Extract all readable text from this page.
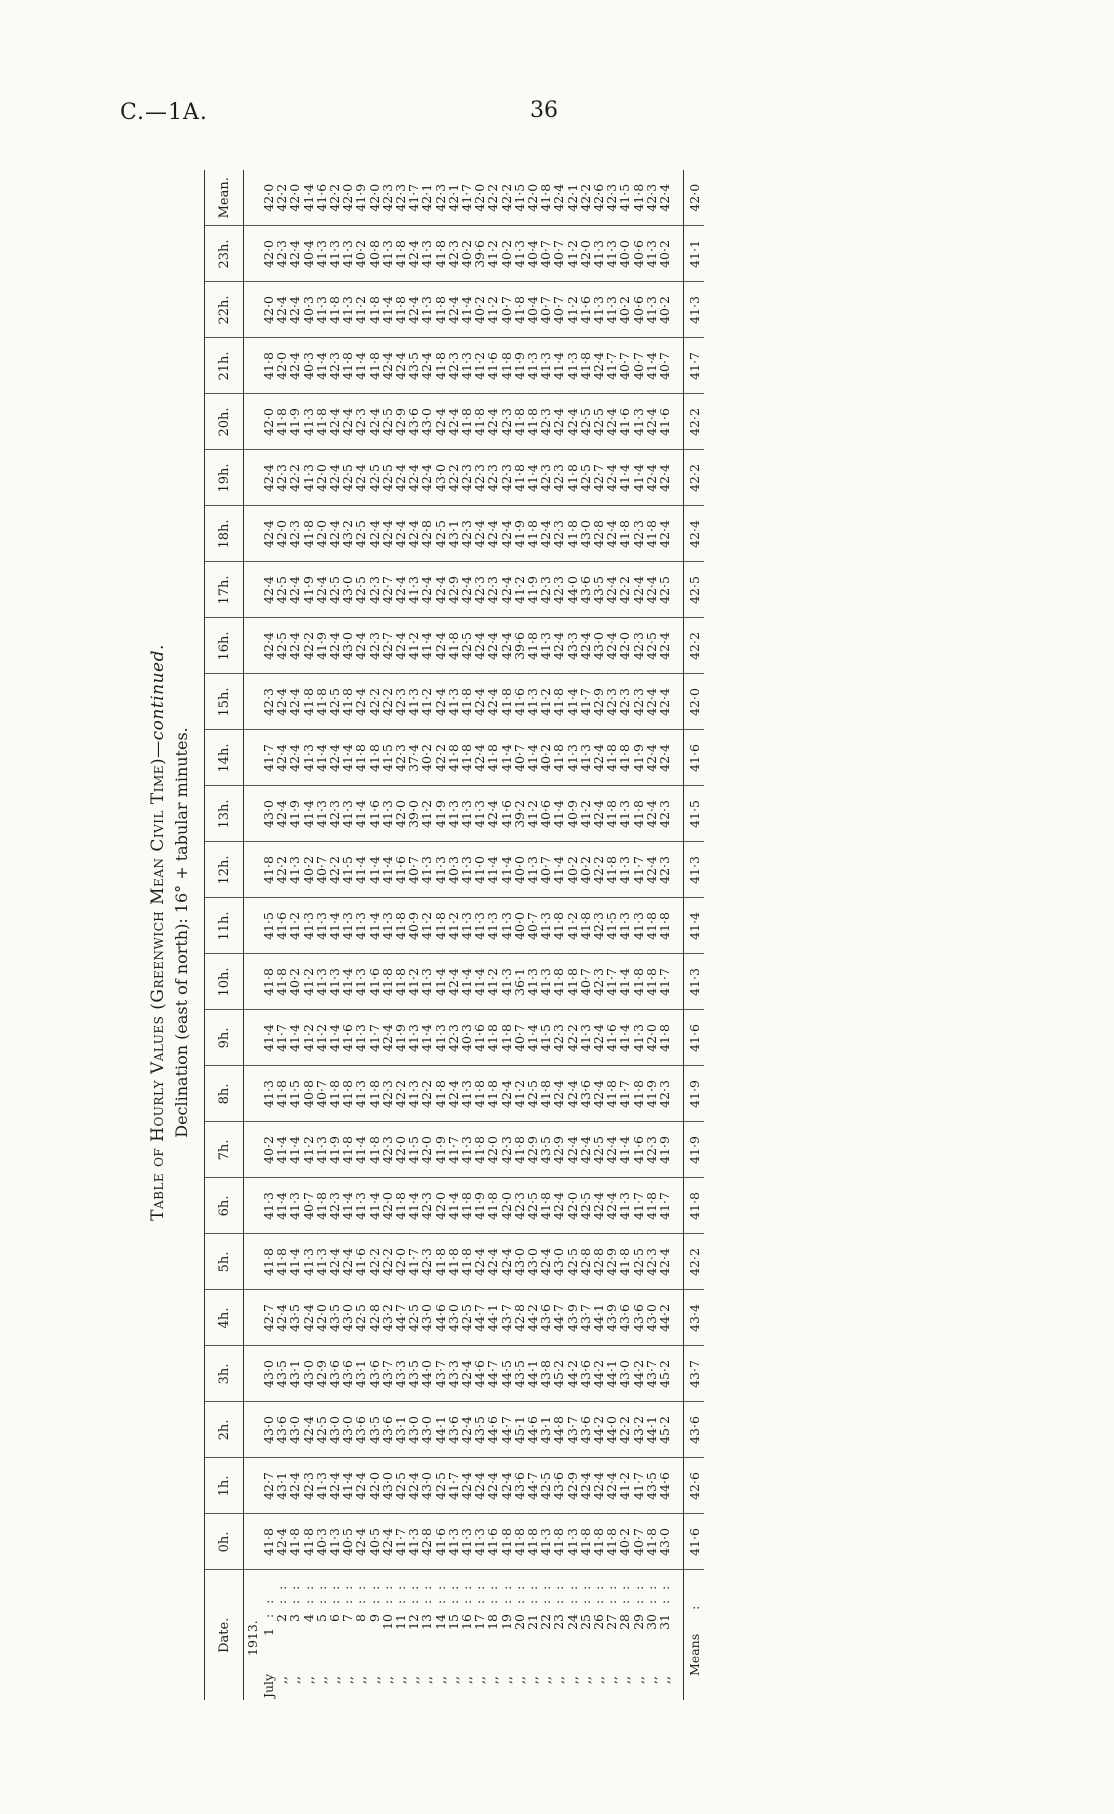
C.—1A.	36
Table of Hourly Values (Greenwich Mean Civil Time)—continued.
Declination (east of north): 16° + tabular minutes.
Date.	0h.	1h.	2h.	3h.	4h.	5h.	6h.	7h.	8h.	9h.	10h.	11h.	12h.	13h.	14h.	15h.	16h.	17h.	18h.	19h.	20h.	21h.	22h.	23h.	Mean.
1913.																									

July
1
: :	41·8	42·7	43·0	43·0	42·7	41·8	41·3	40·2	41·3	41·4	41·8	41·5	41·8	43·0	41·7	42·3	42·4	42·4	42·4	42·4	42·0	41·8	42·0	42·0	42·0

,,
2
: :	42·4	43·1	43·6	43·5	42·4	41·8	41·4	41·4	41·8	41·7	41·8	41·6	42·2	42·4	42·4	42·4	42·5	42·5	42·0	42·3	41·8	42·0	42·4	42·3	42·2

,,
3
: :	41·8	42·4	43·0	43·1	43·5	41·4	41·3	41·4	41·5	41·4	40·2	41·2	41·3	41·9	42·4	42·4	42·4	42·4	42·3	42·2	41·9	42·4	42·4	42·4	42·0

,,
4
: :	41·8	42·3	42·4	43·0	42·4	41·3	40·7	41·2	40·8	41·2	41·2	41·3	40·2	41·4	41·3	41·8	42·2	41·9	41·8	41·3	41·3	40·3	40·3	40·4	41·4

,,
5
: :	40·3	41·3	42·5	42·9	42·0	41·3	41·8	41·3	40·7	41·2	41·3	41·3	40·7	41·3	41·4	41·8	41·9	42·4	42·0	42·0	41·8	41·4	41·3	41·3	41·6

,,
6
: :	41·3	42·4	43·0	43·6	43·5	42·4	42·3	41·9	41·8	41·4	41·3	41·4	42·2	42·3	42·4	42·5	42·4	42·5	42·4	42·4	42·4	42·3	41·8	41·3	42·2

,,
7
: :	40·5	41·4	43·0	43·6	43·0	42·4	41·4	41·8	41·8	41·6	41·4	41·3	41·5	41·3	41·4	41·8	43·0	43·0	43·2	42·5	42·4	41·8	41·3	41·3	42·0

,,
8
: :	42·4	42·4	43·6	43·1	42·5	41·6	41·3	41·4	41·3	41·3	41·3	41·3	41·4	41·4	41·8	42·4	42·4	42·5	42·5	42·4	42·3	41·4	41·2	40·2	41·9

,,
9
: :	40·5	42·0	43·5	43·6	42·8	42·2	41·4	41·8	41·8	41·7	41·6	41·4	41·4	41·6	41·8	42·2	42·3	42·3	42·4	42·5	42·4	41·8	41·8	40·8	42·0

,,
10
: :	42·4	43·0	43·6	43·7	43·2	42·2	42·0	42·3	42·3	42·4	41·8	41·3	41·4	41·3	41·5	42·2	42·7	42·7	42·4	42·5	42·5	42·4	41·4	41·3	42·3

,,
11
: :	41·7	42·5	43·1	43·3	44·7	42·0	41·8	42·0	42·2	41·9	41·8	41·8	41·6	42·0	42·3	42·3	42·4	42·4	42·4	42·4	42·9	42·4	41·8	41·8	42·3

,,
12
: :	41·3	42·4	43·0	43·5	42·5	41·7	41·4	41·5	41·3	41·3	41·2	40·9	40·7	39·0	37·4	41·3	41·2	41·3	42·4	42·4	43·6	43·5	42·4	42·4	41·7

,,
13
: :	42·8	43·0	43·0	44·0	43·0	42·3	42·3	42·0	42·2	41·4	41·3	41·2	41·3	41·2	40·2	41·2	41·4	42·4	42·8	42·4	43·0	42·4	41·3	41·3	42·1

,,
14
: :	41·6	42·5	44·1	43·7	44·6	41·8	42·0	41·9	41·8	41·3	41·4	41·8	41·3	41·9	42·2	42·4	42·4	42·4	42·5	43·0	42·4	41·8	41·8	41·8	42·3

,,
15
: :	41·3	41·7	43·6	43·3	43·0	41·8	41·4	41·7	42·4	42·3	42·4	41·2	40·3	41·3	41·8	41·3	41·8	42·9	43·1	42·2	42·4	42·3	42·4	42·3	42·1

,,
16
: :	41·3	42·4	42·4	42·4	42·5	41·8	41·8	41·3	41·3	40·3	41·4	41·3	41·3	41·3	41·8	41·8	42·5	42·4	42·3	42·3	41·8	41·3	41·4	40·2	41·7

,,
17
: :	41·3	42·4	43·5	44·6	44·7	42·4	41·9	41·8	41·8	41·6	41·4	41·3	41·0	41·3	42·4	42·4	42·4	42·3	42·4	42·3	41·8	41·2	40·2	39·6	42·0

,,
18
: :	41·6	42·4	44·6	44·7	44·1	42·4	41·8	42·0	41·8	41·8	41·2	41·3	41·4	42·4	41·8	42·4	42·4	42·3	42·4	42·3	42·4	41·6	41·2	41·2	42·2

,,
19
: :	41·8	42·4	44·7	44·5	43·7	42·4	42·0	42·3	42·4	41·8	41·3	41·3	41·4	41·6	41·4	41·8	42·4	42·4	42·4	42·3	42·3	41·8	40·7	40·2	42·2

,,
20
: :	41·8	43·6	45·1	43·5	42·8	43·0	42·3	41·8	41·2	40·7	36·1	40·0	40·0	39·2	40·7	41·6	39·6	41·2	41·9	41·8	41·8	41·9	41·8	41·3	41·5

,,
21
: :	41·8	44·7	44·6	44·1	44·2	43·0	42·5	42·9	42·5	41·4	41·3	40·7	41·3	41·2	41·4	41·3	41·8	41·9	41·8	41·4	41·8	41·3	40·4	40·4	42·0

,,
22
: :	41·3	42·5	43·1	43·8	43·6	42·4	41·8	43·5	41·8	41·5	41·3	41·3	40·7	40·6	40·2	41·2	41·3	42·3	42·4	42·3	42·3	41·3	40·7	40·7	41·8

,,
23
: :	41·8	43·6	44·8	45·2	44·7	43·0	42·4	42·9	42·4	42·3	41·8	41·8	41·4	41·4	41·8	41·8	42·4	42·3	42·3	42·3	42·4	41·4	40·7	40·7	42·4

,,
24
: :	41·3	42·9	43·7	44·2	43·9	42·5	42·0	42·4	42·4	42·2	41·8	41·2	40·2	40·9	41·3	41·4	43·3	44·0	41·8	41·8	42·4	41·3	41·2	41·2	42·1

,,
25
: :	41·8	42·4	43·6	43·6	43·7	42·8	42·5	42·4	43·6	41·3	40·7	41·8	40·2	41·2	41·3	41·7	42·4	43·6	43·0	42·5	42·5	41·8	41·6	42·0	42·2

,,
26
: :	41·8	42·4	44·2	44·2	44·1	42·8	42·4	42·5	42·4	42·4	42·3	42·3	42·2	42·4	42·4	42·9	43·0	43·5	42·8	42·7	42·5	42·4	41·3	41·3	42·6

,,
27
: :	41·8	42·4	44·0	44·1	43·9	42·9	42·4	42·4	41·8	41·6	41·7	41·5	41·8	41·8	41·8	42·3	42·4	42·4	42·4	42·4	42·4	41·7	41·3	41·3	42·3

,,
28
: :	40·2	41·2	42·2	43·0	43·6	41·8	41·3	41·4	41·7	41·4	41·4	41·3	41·3	41·3	41·8	42·3	42·0	42·2	41·8	41·4	41·6	40·7	40·2	40·0	41·5

,,
29
: :	40·7	41·7	43·2	44·2	43·6	42·5	41·7	41·6	41·8	41·3	41·8	41·3	41·7	41·8	41·9	42·3	42·3	42·4	42·3	41·4	41·3	40·7	40·6	40·6	41·8

,,
30
: :	41·8	43·5	44·1	43·7	43·0	42·3	41·8	42·3	41·9	42·0	41·8	41·8	42·4	42·4	42·4	42·4	42·5	42·4	41·8	42·4	42·4	41·4	41·3	41·3	42·3

,,
31
: :	43·0	44·6	45·2	45·2	44·2	42·4	41·7	41·9	42·3	41·8	41·7	41·8	42·3	42·3	42·4	42·4	42·4	42·5	42·4	42·4	41·6	40·7	40·2	40·2	42·4

Means:	41·6	42·6	43·6	43·7	43·4	42·2	41·8	41·9	41·9	41·6	41·3	41·4	41·3	41·5	41·6	42·0	42·2	42·5	42·4	42·2	42·2	41·7	41·3	41·1	42·0
